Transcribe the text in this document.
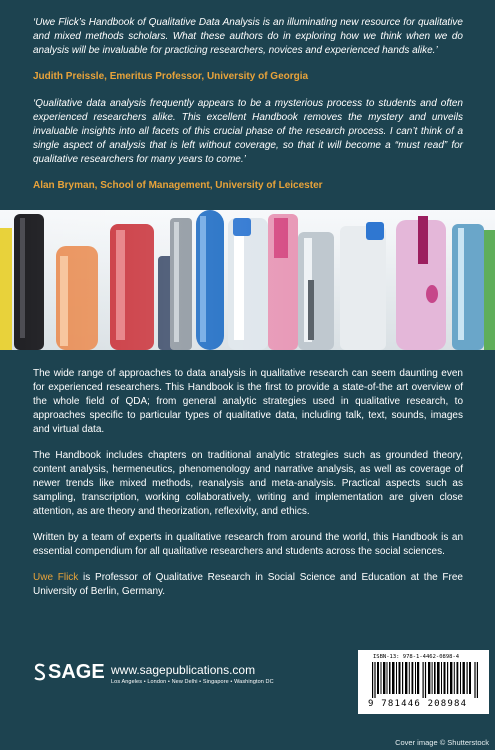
‘Uwe Flick’s Handbook of Qualitative Data Analysis is an illuminating new resource for qualitative and mixed methods scholars. What these authors do in exploring how we think when we do analysis will be invaluable for practicing researchers, novices and experienced hands alike.’

Judith Preissle, Emeritus Professor, University of Georgia

‘Qualitative data analysis frequently appears to be a mysterious process to students and often experienced researchers alike. This excellent Handbook removes the mystery and unveils invaluable insights into all facets of this crucial phase of the research process. I can’t think of a single aspect of analysis that is left without coverage, so that it will become a “must read” for qualitative researchers for many years to come.’

Alan Bryman, School of Management, University of Leicester

The wide range of approaches to data analysis in qualitative research can seem daunting even for experienced researchers. This Handbook is the first to provide a state-of-the art overview of the whole field of QDA; from general analytic strategies used in qualitative research, to approaches specific to particular types of qualitative data, including talk, text, sounds, images and virtual data.

The Handbook includes chapters on traditional analytic strategies such as grounded theory, content analysis, hermeneutics, phenomenology and narrative analysis, as well as coverage of newer trends like mixed methods, reanalysis and meta-analysis. Practical aspects such as sampling, transcription, working collaboratively, writing and implementation are given close attention, as are theory and theorization, reflexivity, and ethics.

Written by a team of experts in qualitative research from around the world, this Handbook is an essential compendium for all qualitative researchers and students across the social sciences.

Uwe Flick is Professor of Qualitative Research in Social Science and Education at the Free University of Berlin, Germany.

SAGE www.sagepublications.com
Los Angeles • London • New Delhi • Singapore • Washington DC
ISBN-13: 978-1-4462-0898-4
9 781446 208984
Cover image © Shutterstock
